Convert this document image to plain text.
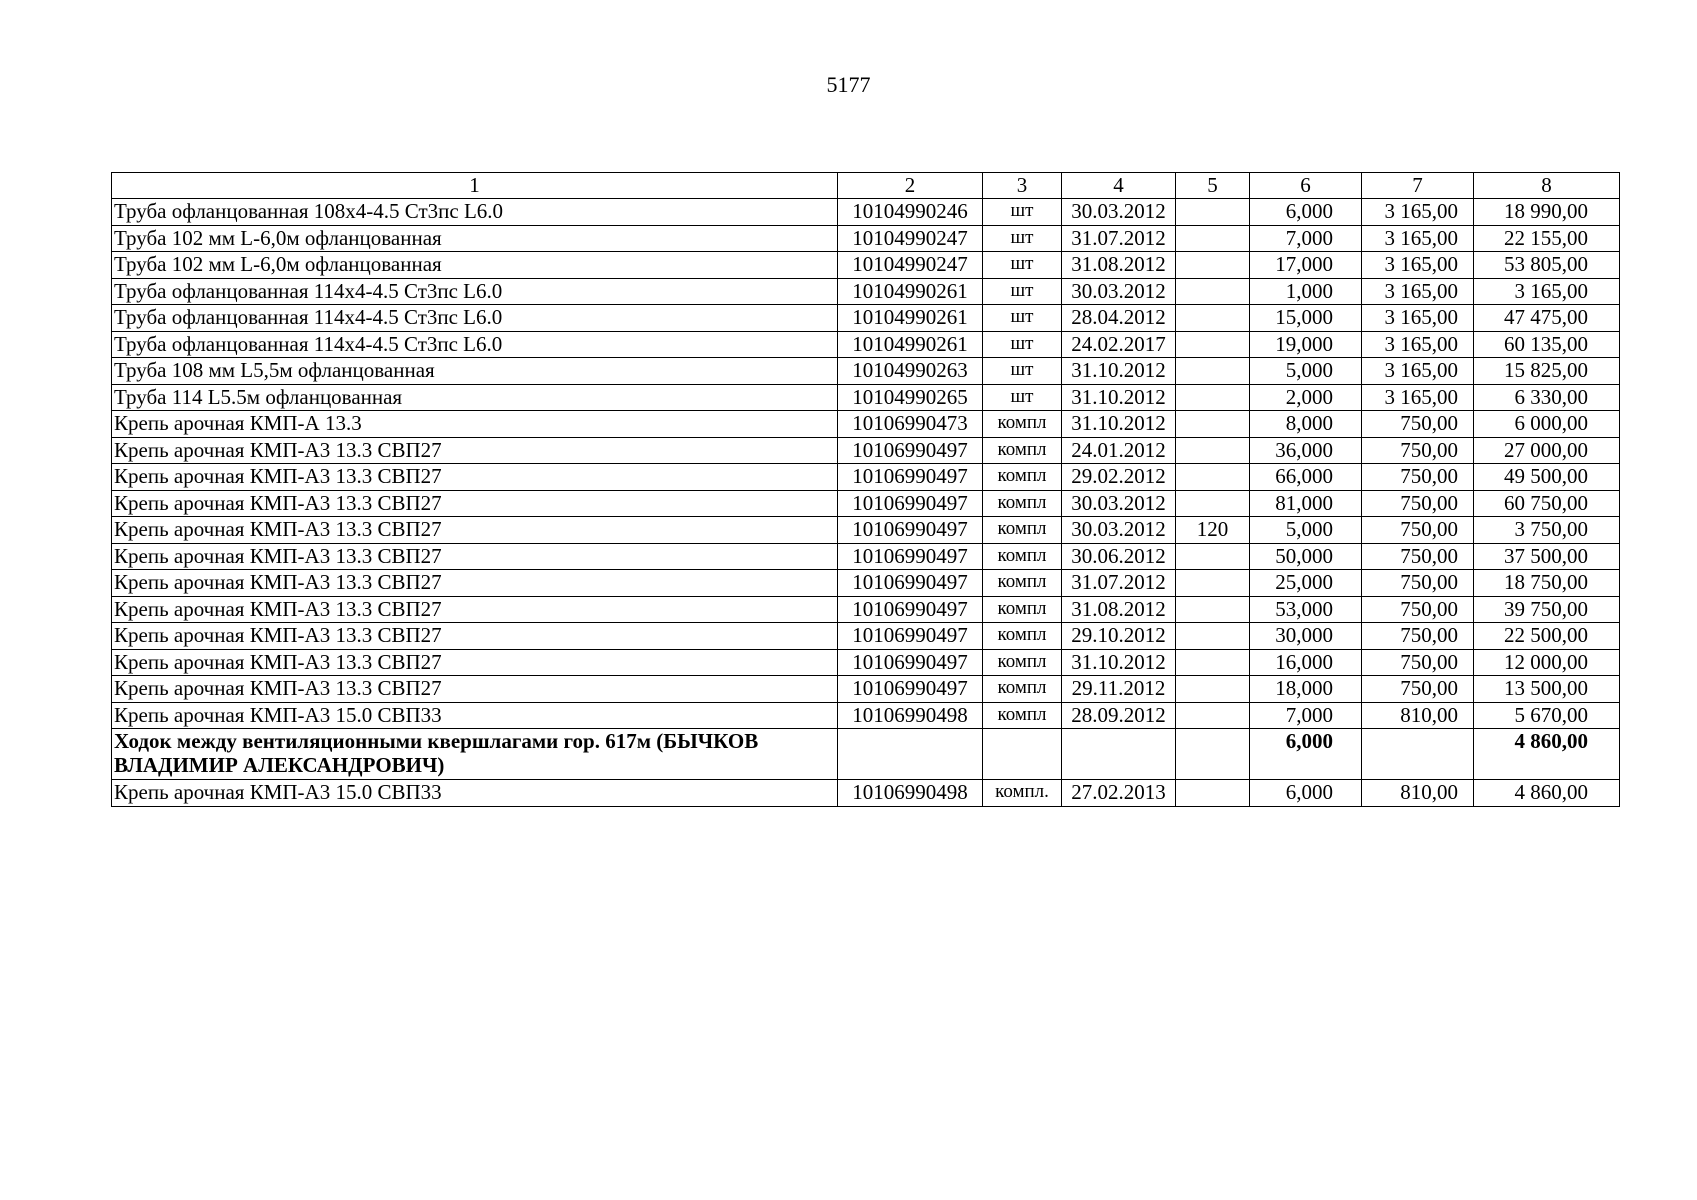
5177
1	2	3	4	5	6	7	8
Труба офланцованная 108х4-4.5 Ст3пс L6.0	10104990246	шт	30.03.2012		6,000	3 165,00	18 990,00
Труба 102 мм L-6,0м офланцованная	10104990247	шт	31.07.2012		7,000	3 165,00	22 155,00
Труба 102 мм L-6,0м офланцованная	10104990247	шт	31.08.2012		17,000	3 165,00	53 805,00
Труба офланцованная 114х4-4.5 Ст3пс L6.0	10104990261	шт	30.03.2012		1,000	3 165,00	3 165,00
Труба офланцованная 114х4-4.5 Ст3пс L6.0	10104990261	шт	28.04.2012		15,000	3 165,00	47 475,00
Труба офланцованная 114х4-4.5 Ст3пс L6.0	10104990261	шт	24.02.2017		19,000	3 165,00	60 135,00
Труба 108 мм L5,5м офланцованная	10104990263	шт	31.10.2012		5,000	3 165,00	15 825,00
Труба 114 L5.5м офланцованная	10104990265	шт	31.10.2012		2,000	3 165,00	6 330,00
Крепь арочная КМП-А 13.3	10106990473	компл	31.10.2012		8,000	750,00	6 000,00
Крепь арочная КМП-А3 13.3 СВП27	10106990497	компл	24.01.2012		36,000	750,00	27 000,00
Крепь арочная КМП-А3 13.3 СВП27	10106990497	компл	29.02.2012		66,000	750,00	49 500,00
Крепь арочная КМП-А3 13.3 СВП27	10106990497	компл	30.03.2012		81,000	750,00	60 750,00
Крепь арочная КМП-А3 13.3 СВП27	10106990497	компл	30.03.2012	120	5,000	750,00	3 750,00
Крепь арочная КМП-А3 13.3 СВП27	10106990497	компл	30.06.2012		50,000	750,00	37 500,00
Крепь арочная КМП-А3 13.3 СВП27	10106990497	компл	31.07.2012		25,000	750,00	18 750,00
Крепь арочная КМП-А3 13.3 СВП27	10106990497	компл	31.08.2012		53,000	750,00	39 750,00
Крепь арочная КМП-А3 13.3 СВП27	10106990497	компл	29.10.2012		30,000	750,00	22 500,00
Крепь арочная КМП-А3 13.3 СВП27	10106990497	компл	31.10.2012		16,000	750,00	12 000,00
Крепь арочная КМП-А3 13.3 СВП27	10106990497	компл	29.11.2012		18,000	750,00	13 500,00
Крепь арочная КМП-А3 15.0 СВП33	10106990498	компл	28.09.2012		7,000	810,00	5 670,00
Ходок между вентиляционными квершлагами гор. 617м (БЫЧКОВ ВЛАДИМИР АЛЕКСАНДРОВИЧ)					6,000		4 860,00
Крепь арочная КМП-А3 15.0 СВП33	10106990498	компл.	27.02.2013		6,000	810,00	4 860,00
